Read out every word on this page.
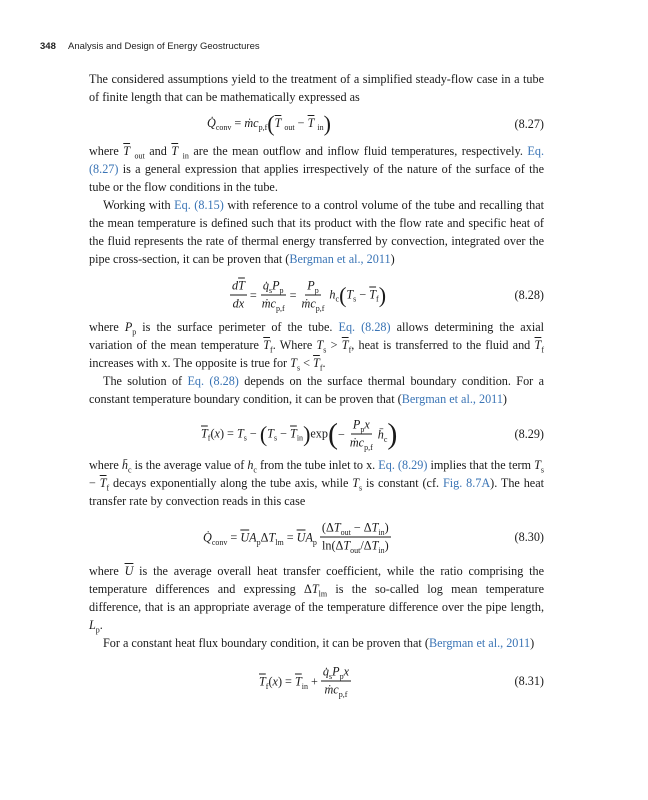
348 Analysis and Design of Energy Geostructures

The considered assumptions yield to the treatment of a simplified steady-flow case in a tube of finite length that can be mathematically expressed as

$Q̇_{conv}$ = $ṁc_{p,f}(\overline{T}$ $_{out} - \overline{T}$ $_{in}$)	(8.27)

where $\overline{T}$ $_{out}$ and $\overline{T}$ $_{in}$ are the mean outflow and inflow fluid temperatures, respectively. Eq. (8.27) is a general expression that applies irrespectively of the nature of the surface of the tube or the flow conditions in the tube.

Working with Eq. (8.15) with reference to a control volume of the tube and recalling that the mean temperature is defined such that its product with the flow rate and specific heat of the fluid represents the rate of thermal energy transferred by convection, integrated over the pipe cross-section, it can be proven that (Bergman et al., 2011)

$\frac{d\overline{T}}{dx} = \frac{q̇_sP_p}{ṁc_{p,f}} = \frac{P_p}{ṁc_{p,f}} h_c(T_s - \overline{T}_f)$	(8.28)

where $P_p$ is the surface perimeter of the tube. Eq. (8.28) allows determining the axial variation of the mean temperature $\overline{T}_f$. Where $T_s > \overline{T}_f$, heat is transferred to the fluid and $\overline{T}_f$ increases with x. The opposite is true for $T_s < \overline{T}_f$.

The solution of Eq. (8.28) depends on the surface thermal boundary condition. For a constant temperature boundary condition, it can be proven that (Bergman et al., 2011)

$\overline{T}_f(x) = T_s - (T_s - \overline{T}_{in})\exp$ ( − $\frac{P_px}{ṁc_{p,f}}$ $h̄_c$ )	(8.29)

where $h̄_c$ is the average value of $h_c$ from the tube inlet to x. Eq. (8.29) implies that the term $T_s - \overline{T}_f$ decays exponentially along the tube axis, while $T_s$ is constant (cf. Fig. 8.7A). The heat transfer rate by convection reads in this case

$Q̇_{conv} = \overline{U}A_p\Delta T_{lm} = \overline{U}A_p \frac{(\Delta T_{out} - \Delta T_{in})}{\ln(\Delta T_{out}/\Delta T_{in})}$	(8.30)

where $\overline{U}$ is the average overall heat transfer coefficient, while the ratio comprising the temperature differences and expressing $\Delta T_{lm}$ is the so-called log mean temperature difference, that is an appropriate average of the temperature difference over the pipe length, $L_p$.

For a constant heat flux boundary condition, it can be proven that (Bergman et al., 2011)

$\overline{T}_f(x) = \overline{T}_{in} + \frac{q̇_sP_px}{ṁc_{p,f}}$	(8.31)
